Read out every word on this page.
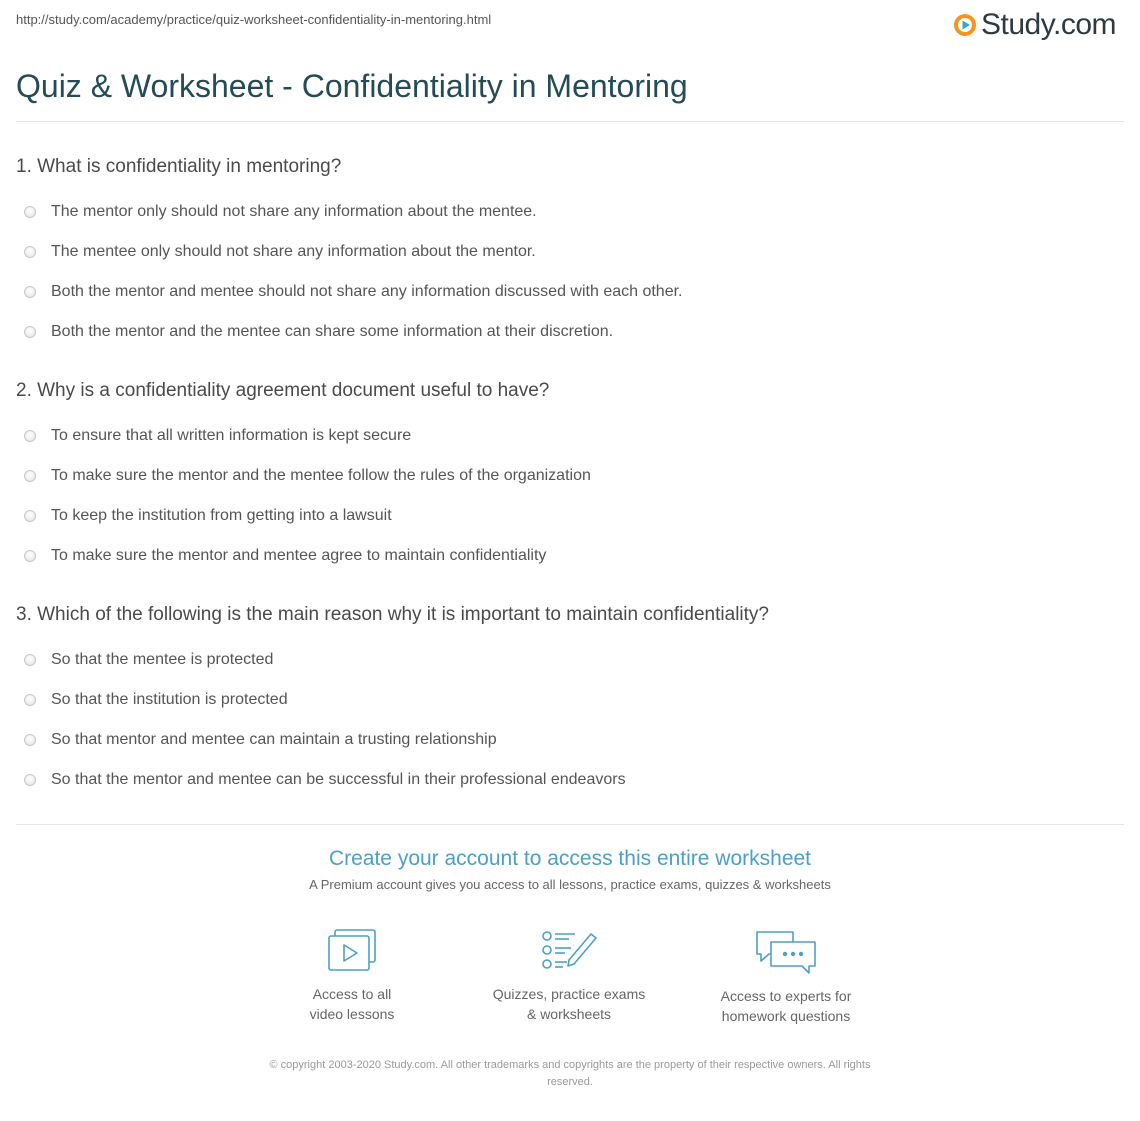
http://study.com/academy/practice/quiz-worksheet-confidentiality-in-mentoring.html	Study.com
Quiz & Worksheet - Confidentiality in Mentoring
1. What is confidentiality in mentoring?
The mentor only should not share any information about the mentee.
The mentee only should not share any information about the mentor.
Both the mentor and mentee should not share any information discussed with each other.
Both the mentor and the mentee can share some information at their discretion.
2. Why is a confidentiality agreement document useful to have?
To ensure that all written information is kept secure
To make sure the mentor and the mentee follow the rules of the organization
To keep the institution from getting into a lawsuit
To make sure the mentor and mentee agree to maintain confidentiality
3. Which of the following is the main reason why it is important to maintain confidentiality?
So that the mentee is protected
So that the institution is protected
So that mentor and mentee can maintain a trusting relationship
So that the mentor and mentee can be successful in their professional endeavors
Create your account to access this entire worksheet
A Premium account gives you access to all lessons, practice exams, quizzes & worksheets
Access to all
video lessons
Quizzes, practice exams
& worksheets
Access to experts for
homework questions
© copyright 2003-2020 Study.com. All other trademarks and copyrights are the property of their respective owners. All rights
reserved.
